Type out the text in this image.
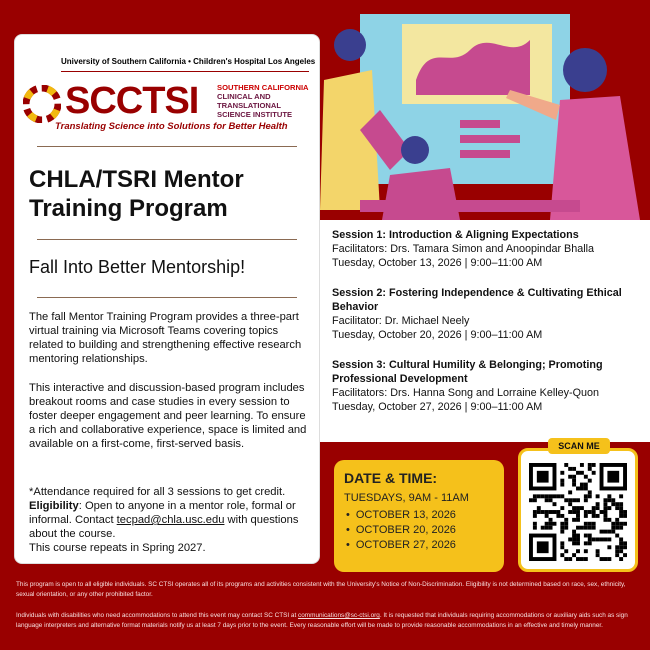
University of Southern California • Children's Hospital Los Angeles
SCCTSI SOUTHERN CALIFORNIA
CLINICAL AND
TRANSLATIONAL
SCIENCE INSTITUTE
Translating Science into Solutions for Better Health
CHLA/TSRI Mentor Training Program
Fall Into Better Mentorship!
The fall Mentor Training Program provides a three-part virtual training via Microsoft Teams covering topics related to building and strengthening effective research mentoring relationships.
This interactive and discussion-based program includes breakout rooms and case studies in every session to foster deeper engagement and peer learning. To ensure a rich and collaborative experience, space is limited and available on a first-come, first-served basis.
*Attendance required for all 3 sessions to get credit.
Eligibility: Open to anyone in a mentor role, formal or informal. Contact tecpad@chla.usc.edu with questions about the course.
This course repeats in Spring 2027.
Session 1: Introduction & Aligning Expectations
Facilitators: Drs. Tamara Simon and Anoopindar Bhalla
Tuesday, October 13, 2026 | 9:00–11:00 AM
Session 2: Fostering Independence & Cultivating Ethical Behavior
Facilitator: Dr. Michael Neely
Tuesday, October 20, 2026 | 9:00–11:00 AM
Session 3: Cultural Humility & Belonging; Promoting Professional Development
Facilitators: Drs. Hanna Song and Lorraine Kelley-Quon
Tuesday, October 27, 2026 | 9:00–11:00 AM
DATE & TIME:
TUESDAYS, 9AM - 11AM
• OCTOBER 13, 2026
• OCTOBER 20, 2026
• OCTOBER 27, 2026
SCAN ME
This program is open to all eligible individuals. SC CTSI operates all of its programs and activities consistent with the University's Notice of Non-Discrimination. Eligibility is not determined based on race, sex, ethnicity, sexual orientation, or any other prohibited factor.
Individuals with disabilities who need accommodations to attend this event may contact SC CTSI at communications@sc-ctsi.org. It is requested that individuals requiring accommodations or auxiliary aids such as sign language interpreters and alternative format materials notify us at least 7 days prior to the event. Every reasonable effort will be made to provide reasonable accommodations in an effective and timely manner.
